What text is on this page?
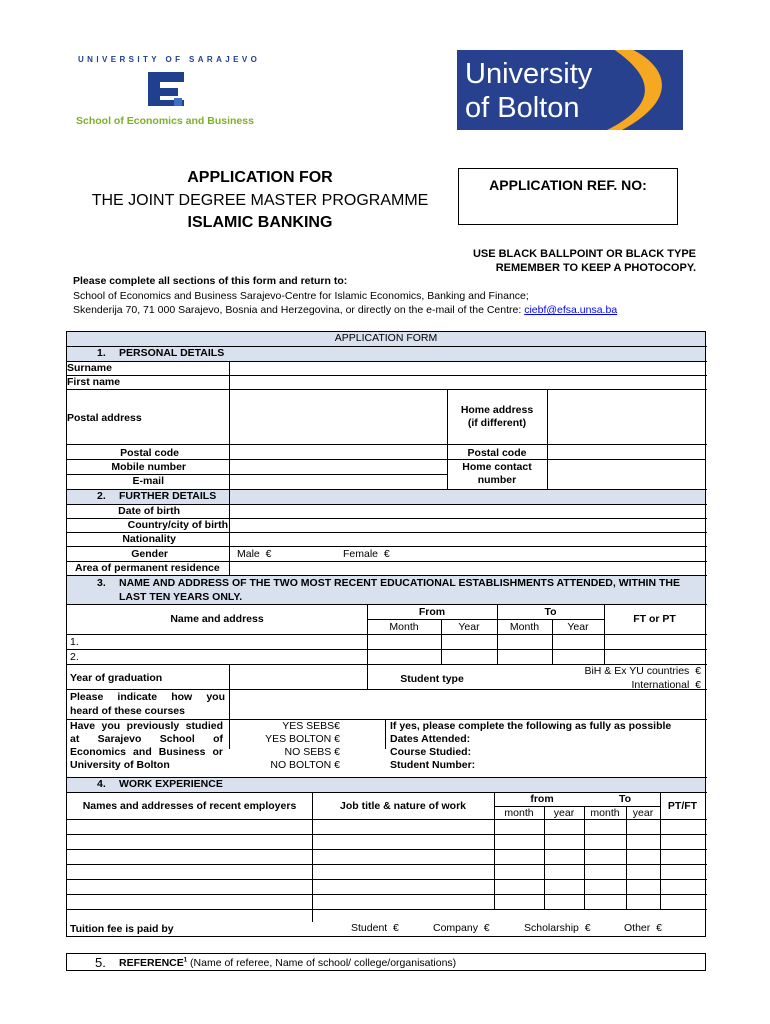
UNIVERSITY OF SARAJEVO
School of Economics and Business
University
of Bolton
APPLICATION FOR
THE JOINT DEGREE MASTER PROGRAMME
ISLAMIC BANKING
APPLICATION REF. NO:
USE BLACK BALLPOINT OR BLACK TYPE
REMEMBER TO KEEP A PHOTOCOPY.
Please complete all sections of this form and return to:
School of Economics and Business Sarajevo-Centre for Islamic Economics, Banking and Finance;
Skenderija 70, 71 000 Sarajevo, Bosnia and Herzegovina, or directly on the e-mail of the Centre: ciebf@efsa.unsa.ba
APPLICATION FORM
1. PERSONAL DETAILS
Surname
First name
Postal address
Home address
(if different)
Postal code	Postal code
Mobile number	Home contact
number
E-mail
2. FURTHER DETAILS
Date of birth
Country/city of birth
Nationality
Gender	Male €	Female €
Area of permanent residence
3. NAME AND ADDRESS OF THE TWO MOST RECENT EDUCATIONAL ESTABLISHMENTS ATTENDED, WITHIN THE
LAST TEN YEARS ONLY.
Name and address
From	To
FT or PT
Month	Year	Month	Year
1.
2.
Year of graduation	Student type
BiH & Ex YU countries €
International €
Please indicate how you
heard of these courses
Have you previously studied
at Sarajevo School of
Economics and Business or
University of Bolton
YES SEBS€
YES BOLTON €
NO SEBS €
NO BOLTON €
If yes, please complete the following as fully as possible
Dates Attended:
Course Studied:
Student Number:
4. WORK EXPERIENCE
Names and addresses of recent employers	Job title & nature of work
from	To
PT/FT
month	year	month	year
Tuition fee is paid by	Student €	Company €	Scholarship €	Other €
5. REFERENCE$^1$ (Name of referee, Name of school/ college/organisations)
